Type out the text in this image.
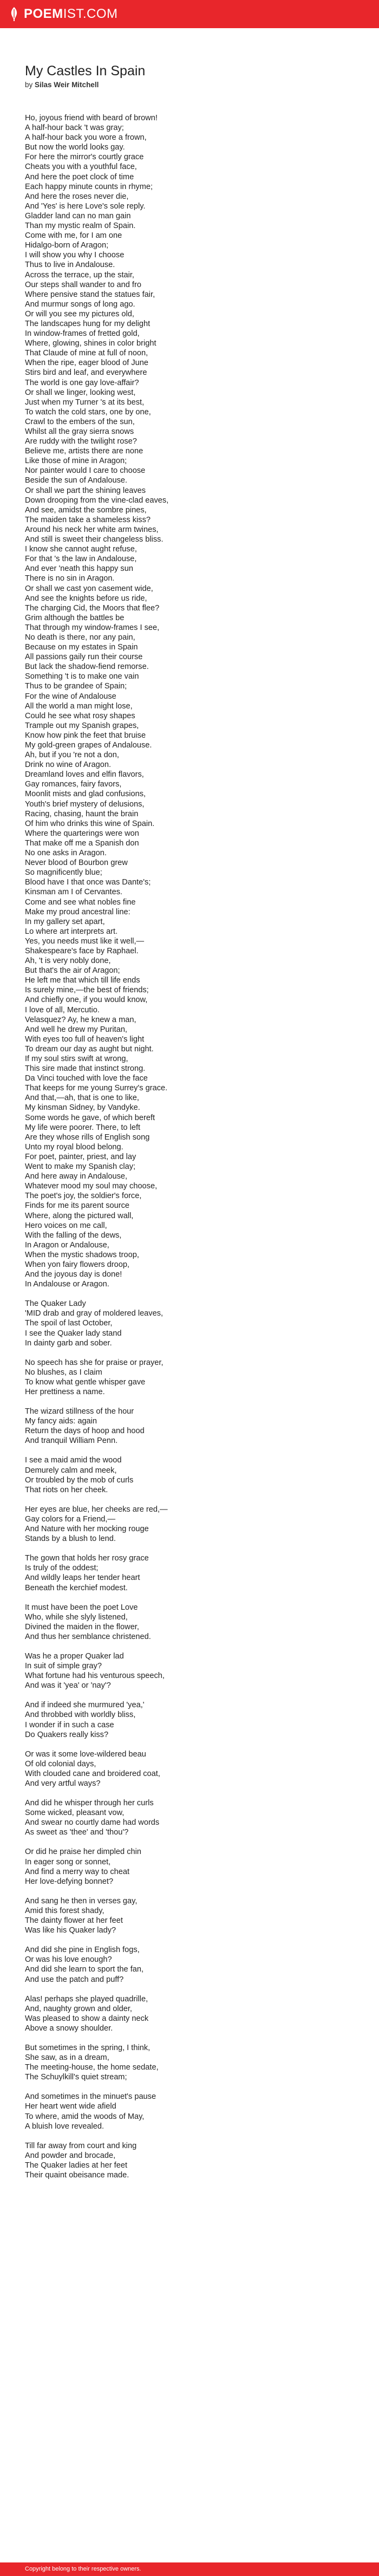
POEMIST.COM
My Castles In Spain
by Silas Weir Mitchell
Ho, joyous friend with beard of brown!
A half-hour back 't was gray;
A half-hour back you wore a frown,
But now the world looks gay.
For here the mirror's courtly grace
Cheats you with a youthful face,
And here the poet clock of time
Each happy minute counts in rhyme;
And here the roses never die,
And 'Yes' is here Love's sole reply.
Gladder land can no man gain
Than my mystic realm of Spain.
Come with me, for I am one
Hidalgo-born of Aragon;
I will show you why I choose
Thus to live in Andalouse.
Across the terrace, up the stair,
Our steps shall wander to and fro
Where pensive stand the statues fair,
And murmur songs of long ago.
Or will you see my pictures old,
The landscapes hung for my delight
In window-frames of fretted gold,
Where, glowing, shines in color bright
That Claude of mine at full of noon,
When the ripe, eager blood of June
Stirs bird and leaf, and everywhere
The world is one gay love-affair?
Or shall we linger, looking west,
Just when my Turner 's at its best,
To watch the cold stars, one by one,
Crawl to the embers of the sun,
Whilst all the gray sierra snows
Are ruddy with the twilight rose?
Believe me, artists there are none
Like those of mine in Aragon;
Nor painter would I care to choose
Beside the sun of Andalouse.
Or shall we part the shining leaves
Down drooping from the vine-clad eaves,
And see, amidst the sombre pines,
The maiden take a shameless kiss?
Around his neck her white arm twines,
And still is sweet their changeless bliss.
I know she cannot aught refuse,
For that 's the law in Andalouse,
And ever 'neath this happy sun
There is no sin in Aragon.
Or shall we cast yon casement wide,
And see the knights before us ride,
The charging Cid, the Moors that flee?
Grim although the battles be
That through my window-frames I see,
No death is there, nor any pain,
Because on my estates in Spain
All passions gaily run their course
But lack the shadow-fiend remorse.
Something 't is to make one vain
Thus to be grandee of Spain;
For the wine of Andalouse
All the world a man might lose,
Could he see what rosy shapes
Trample out my Spanish grapes,
Know how pink the feet that bruise
My gold-green grapes of Andalouse.
Ah, but if you 're not a don,
Drink no wine of Aragon.
Dreamland loves and elfin flavors,
Gay romances, fairy favors,
Moonlit mists and glad confusions,
Youth's brief mystery of delusions,
Racing, chasing, haunt the brain
Of him who drinks this wine of Spain.
Where the quarterings were won
That make off me a Spanish don
No one asks in Aragon.
Never blood of Bourbon grew
So magnificently blue;
Blood have I that once was Dante's;
Kinsman am I of Cervantes.
Come and see what nobles fine
Make my proud ancestral line:
In my gallery set apart,
Lo where art interprets art.
Yes, you needs must like it well,—
Shakespeare's face by Raphael.
Ah, 't is very nobly done,
But that's the air of Aragon;
He left me that which till life ends
Is surely mine,—the best of friends;
And chiefly one, if you would know,
I love of all, Mercutio.
Velasquez? Ay, he knew a man,
And well he drew my Puritan,
With eyes too full of heaven's light
To dream our day as aught but night.
If my soul stirs swift at wrong,
This sire made that instinct strong.
Da Vinci touched with love the face
That keeps for me young Surrey's grace.
And that,—ah, that is one to like,
My kinsman Sidney, by Vandyke.
Some words he gave, of which bereft
My life were poorer. There, to left
Are they whose rills of English song
Unto my royal blood belong.
For poet, painter, priest, and lay
Went to make my Spanish clay;
And here away in Andalouse,
Whatever mood my soul may choose,
The poet's joy, the soldier's force,
Finds for me its parent source
Where, along the pictured wall,
Hero voices on me call,
With the falling of the dews,
In Aragon or Andalouse,
When the mystic shadows troop,
When yon fairy flowers droop,
And the joyous day is done!
In Andalouse or Aragon.
The Quaker Lady
'MID drab and gray of moldered leaves,
The spoil of last October,
I see the Quaker lady stand
In dainty garb and sober.
No speech has she for praise or prayer,
No blushes, as I claim
To know what gentle whisper gave
Her prettiness a name.
The wizard stillness of the hour
My fancy aids: again
Return the days of hoop and hood
And tranquil William Penn.
I see a maid amid the wood
Demurely calm and meek,
Or troubled by the mob of curls
That riots on her cheek.
Her eyes are blue, her cheeks are red,—
Gay colors for a Friend,—
And Nature with her mocking rouge
Stands by a blush to lend.
The gown that holds her rosy grace
Is truly of the oddest;
And wildly leaps her tender heart
Beneath the kerchief modest.
It must have been the poet Love
Who, while she slyly listened,
Divined the maiden in the flower,
And thus her semblance christened.
Was he a proper Quaker lad
In suit of simple gray?
What fortune had his venturous speech,
And was it 'yea' or 'nay'?
And if indeed she murmured 'yea,'
And throbbed with worldly bliss,
I wonder if in such a case
Do Quakers really kiss?
Or was it some love-wildered beau
Of old colonial days,
With clouded cane and broidered coat,
And very artful ways?
And did he whisper through her curls
Some wicked, pleasant vow,
And swear no courtly dame had words
As sweet as 'thee' and 'thou'?
Or did he praise her dimpled chin
In eager song or sonnet,
And find a merry way to cheat
Her love-defying bonnet?
And sang he then in verses gay,
Amid this forest shady,
The dainty flower at her feet
Was like his Quaker lady?
And did she pine in English fogs,
Or was his love enough?
And did she learn to sport the fan,
And use the patch and puff?
Alas! perhaps she played quadrille,
And, naughty grown and older,
Was pleased to show a dainty neck
Above a snowy shoulder.
But sometimes in the spring, I think,
She saw, as in a dream,
The meeting-house, the home sedate,
The Schuylkill's quiet stream;
And sometimes in the minuet's pause
Her heart went wide afield
To where, amid the woods of May,
A bluish love revealed.
Till far away from court and king
And powder and brocade,
The Quaker ladies at her feet
Their quaint obeisance made.
Copyright belong to their respective owners.
